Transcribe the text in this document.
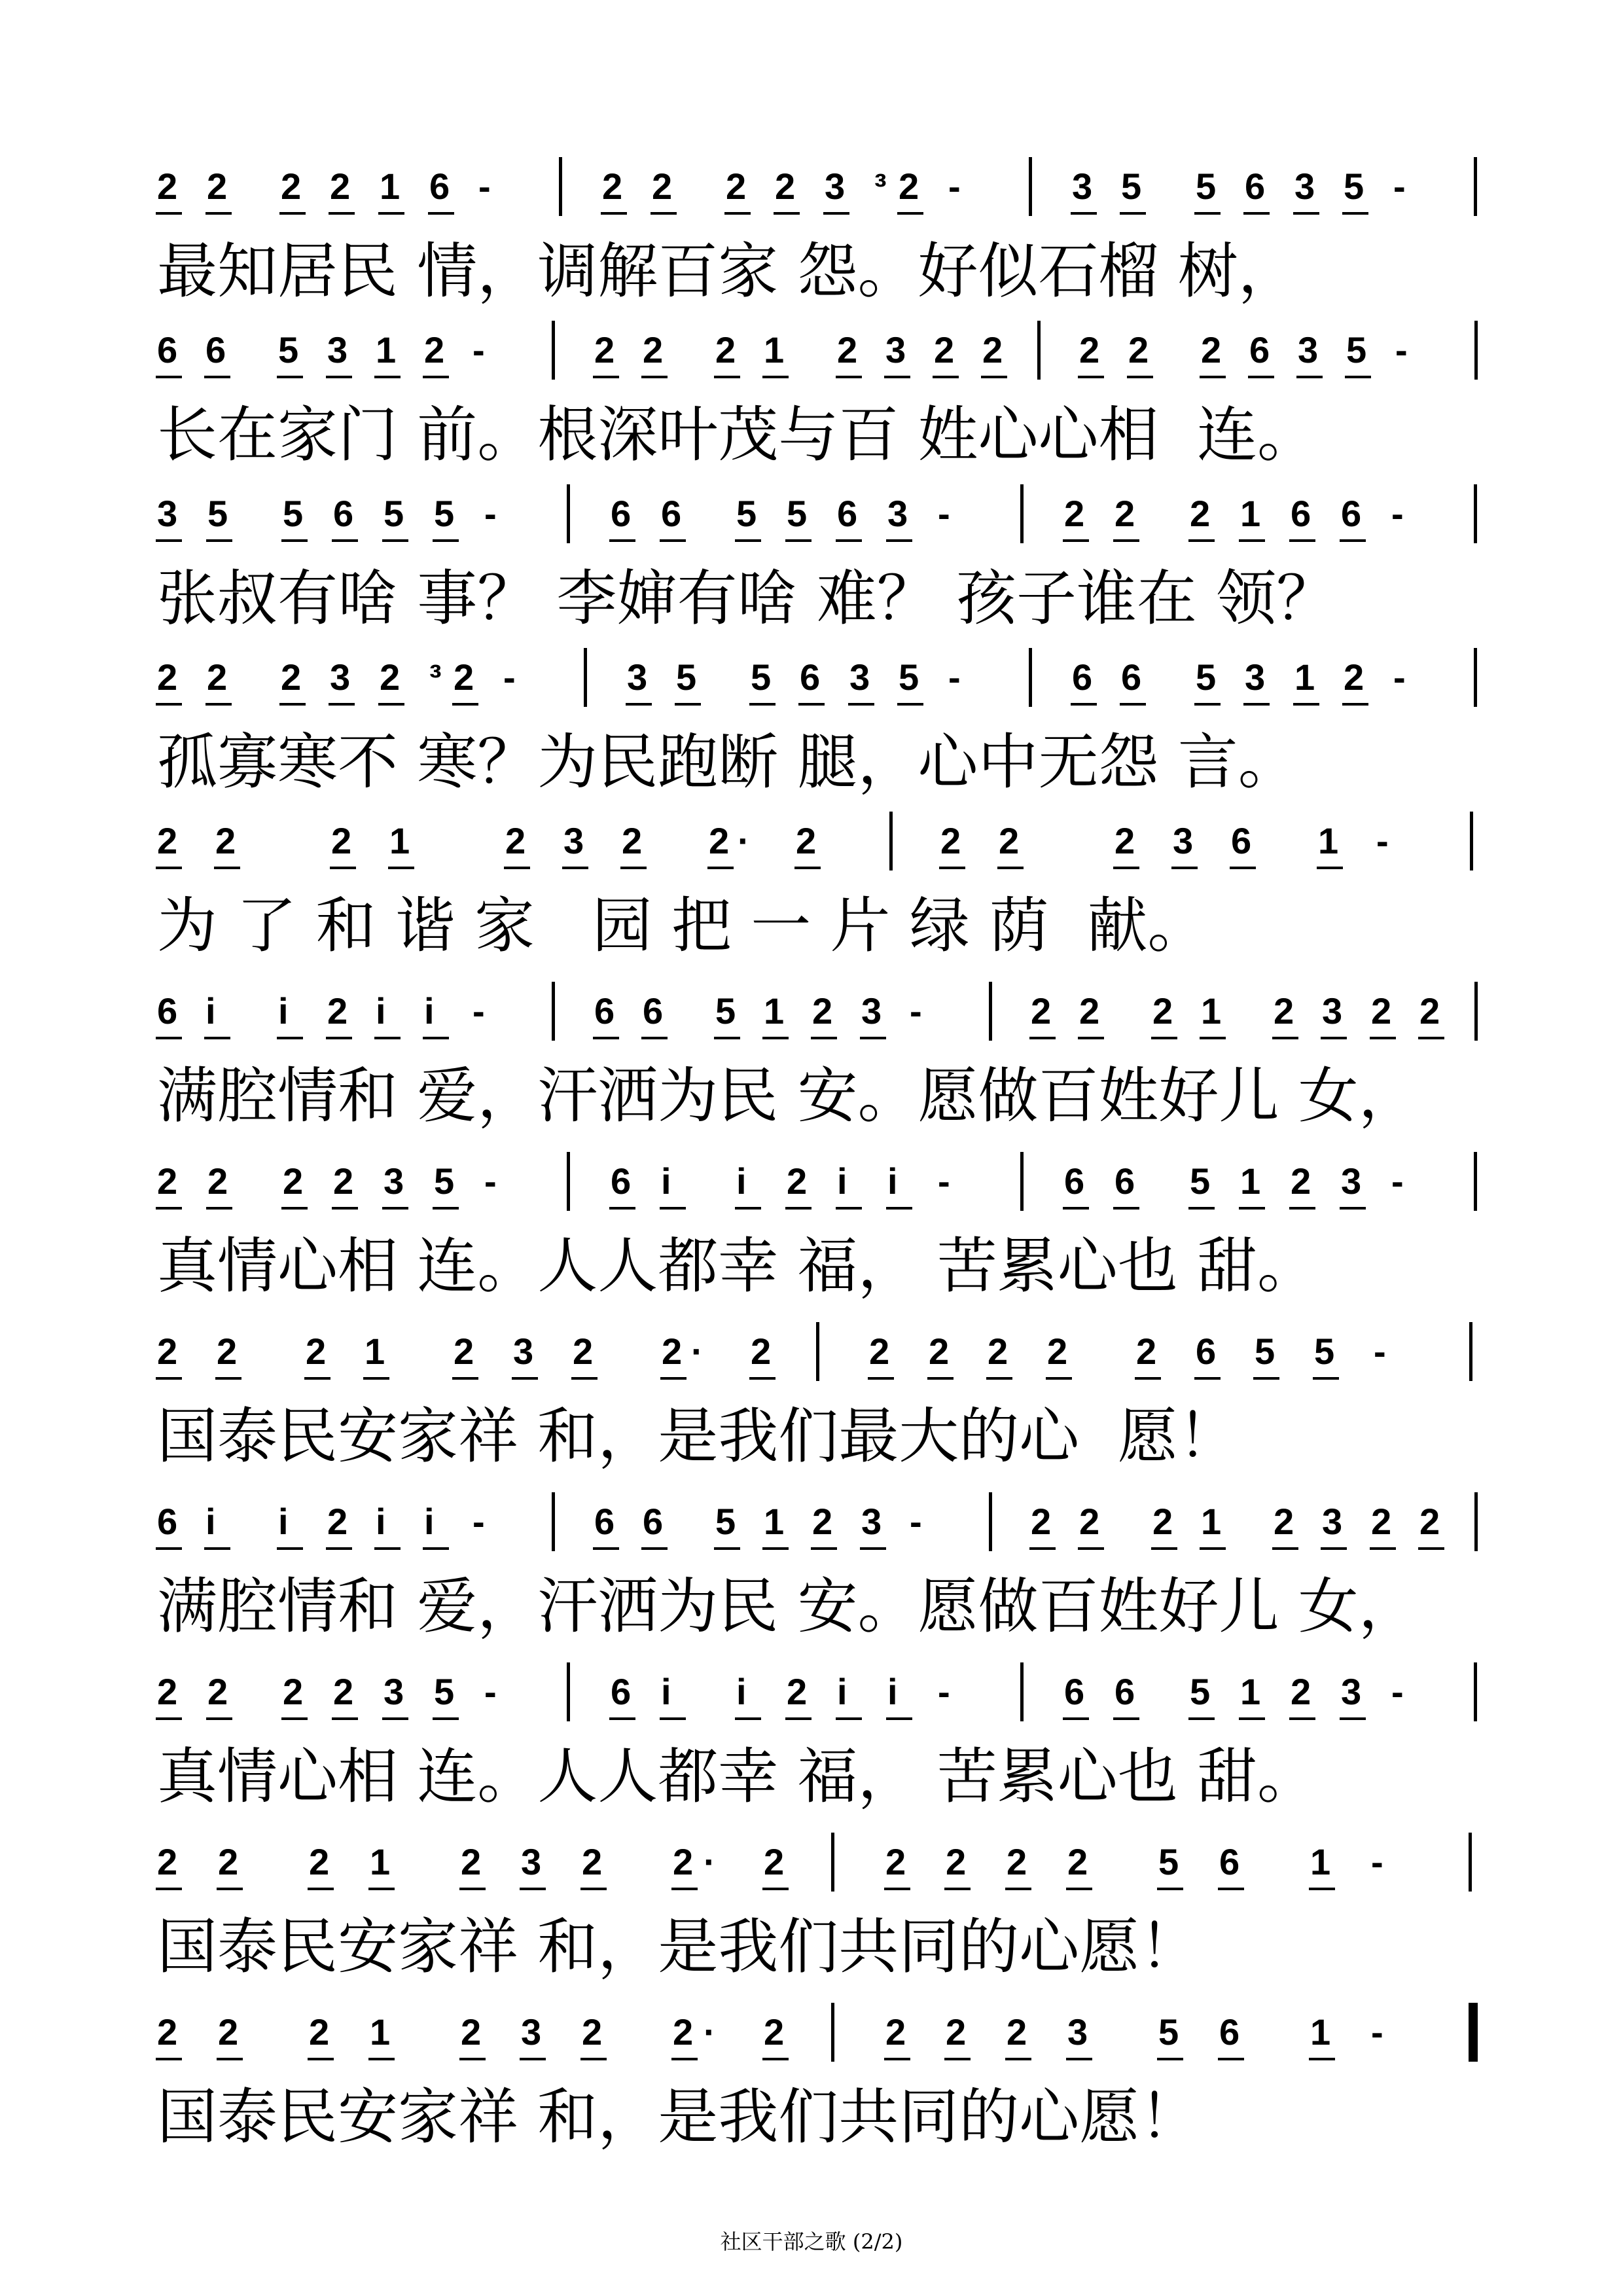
2 2 2 2 1 6 -	2 2 2 2 3 ³ 2 -	3 5 5 6 3 5 -
最知居民 情，调解百家 怨。好似石榴 树，
6 6 5 3 1 2 -	2 2 2 1 2 3 2 2 2 2 2 6 3 5 -
长在家门 前。根深叶茂与百 姓心心相  连。
3 5 5 6 5 5 -	6 6 5 5 6 3 -	2 2 2 1 6 6 -
张叔有啥 事？ 李婶有啥 难？ 孩子谁在 领？
2 2 2 3 2 ³ 2 -	3 5 5 6 3 5 -	6 6 5 3 1 2 -
孤寡寒不 寒？为民跑断 腿，心中无怨 言。
2 2	2 1	2 3 2 2 · 2	2 2	2 3 6 1 -
为 了 和 谐 家   园 把 一 片 绿 荫  献。
6 i i 2 i i -	6 6 5 1 2 3 -	2 2 2 1 2 3 2 2
满腔情和 爱，汗洒为民 安。愿做百姓好儿 女，
2 2 2 2 3 5 -	6 i i 2 i i -	6 6 5 1 2 3 -
真情心相 连。人人都幸 福， 苦累心也 甜。
2 2 2 1 2 3 2 2 · 2	2 2 2 2 2 6 5 5 -
国泰民安家祥 和，是我们最大的心  愿！
6 i i 2 i i -	6 6 5 1 2 3 -	2 2 2 1 2 3 2 2
满腔情和 爱，汗洒为民 安。愿做百姓好儿 女，
2 2 2 2 3 5 -	6 i i 2 i i -	6 6 5 1 2 3 -
真情心相 连。人人都幸 福， 苦累心也 甜。
2 2 2 1 2 3 2 2 · 2	2 2 2 2 5 6 1 -
国泰民安家祥 和，是我们共同的心愿！
2 2 2 1 2 3 2 2 · 2	2 2 2 3 5 6 1 -
国泰民安家祥 和，是我们共同的心愿！
社区干部之歌 (2/2)
